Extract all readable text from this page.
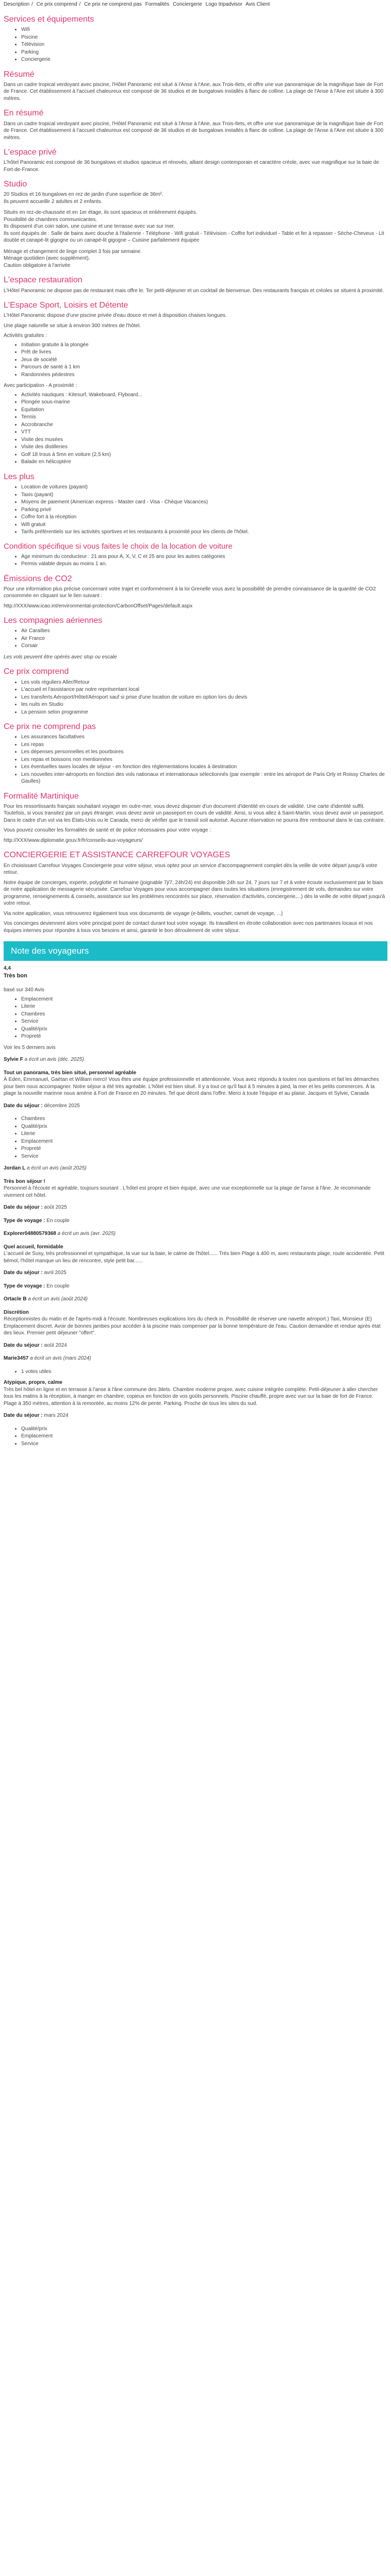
Description / Ce prix comprend / Ce prix ne comprend pas Formalités Conciergerie Logo tripadvisor Avis Client
Services et équipements
• Wifi
• Piscine
• Télévision
• Parking
• Conciergerie
Résumé

Dans un cadre tropical verdoyant avec piscine, l'Hôtel Panoramic est situé à l'Anse à l'Ane, aux Trois-Ilets, et offre une vue panoramique de la magnifique baie de Fort de France. Cet établissement à l'accueil chaleureux est composé de 36 studios et de bungalows installés à flanc de colline. La plage de l'Anse à l'Ane est située à 300 mètres.

En résumé

Dans un cadre tropical verdoyant avec piscine, l'Hôtel Panoramic est situé à l'Anse à l'Ane, aux Trois-Ilets, et offre une vue panoramique de la magnifique baie de Fort de France. Cet établissement à l'accueil chaleureux est composé de 36 studios et de bungalows installés à flanc de colline. La plage de l'Anse à l'Ane est située à 300 mètres.

L'espace privé

L'hôtel Panoramic est composé de 36 bungalows et studios spacieux et rénovés, alliant design contemporain et caractère créole, avec vue magnifique sur la baie de Fort-de-France.

Studio
20 Studios et 16 bungalows en rez de jardin d'une superficie de 36m².
Ils peuvent accueillir 2 adultes et 2 enfants.
Situés en rez-de-chaussée et en 1er étage, ils sont spacieux et entièrement équipés.
Possibilité de chambres communicantes.
Ils disposent d'un coin salon, une cuisine et une terrasse avec vue sur mer.
Ils sont équipés de : Salle de bains avec douche à l'italienne - Téléphone - Wifi gratuit - Télévision - Coffre fort individuel - Table et fer à repasser - Sèche-Cheveux - Lit double et canapé-lit gigogne ou un canapé-lit gigogne – Cuisine parfaitement équipée
Ménage et changement de linge complet 3 fois par semaine.
Ménage quotidien (avec supplément).
Caution obligatoire à l'arrivée
L'espace restauration

L'Hôtel Panoramic ne dispose pas de restaurant mais offre le. Ter petit-déjeuner et un cocktail de bienvenue. Des restaurants français et créoles se situent à proximité.

L'Espace Sport, Loisirs et Détente

L'Hôtel Panoramic dispose d'une piscine privée d'eau douce et met à disposition chaises longues.

Une plage naturelle se situe à environ 300 mètres de l'hôtel.

Activités gratuites :

• Initiation gratuite à la plongée
• Prêt de livres
• Jeux de société
• Parcours de santé à 1 km
• Randonnées pédestres

Avec participation - A proximité :

• Activités nautiques : Kitesurf, Wakeboard, Flyboard...
• Plongée sous-marine
• Equitation
• Tennis
• Accrobranche
• VTT
• Visite des musées
• Visite des distilleries
• Golf 18 trous à 5mn en voiture (2,5 km)
• Balade en hélicoptère
Les plus
• Location de voitures (payant)
• Taxis (payant)
• Moyens de paiement (American express - Master card - Visa - Chèque Vacances)
• Parking privé
• Coffre fort à la réception
• Wifi gratuit
• Tarifs préférentiels sur les activités sportives et les restaurants à proximité pour les clients de l'hôtel.
Condition spécifique si vous faites le choix de la location de voiture
• Age minimum du conducteur : 21 ans pour A, X, V, C et 25 ans pour les autres catégories
• Permis valable depuis au moins 1 an.
Émissions de CO2

Pour une information plus précise concernant votre trajet et conformément à la loi Grenelle vous avez la possibilité de prendre connaissance de la quantité de CO2 consommée en cliquant sur le lien suivant :

http://XXX/www.icao.int/environmental-protection/CarbonOffset/Pages/default.aspx

Les compagnies aériennes
• Air Caraïbes
• Air France
• Corsair

Les vols peuvent être opérés avec stop ou escale

Ce prix comprend
• Les vols réguliers Aller/Retour
• L'accueil et l'assistance par notre représentant local
• Les transferts Aéroport/Hôtel/Aéroport sauf si prise d'une location de voiture en option lors du devis
• les nuits en Studio
• La pension selon programme
Ce prix ne comprend pas
• Les assurances facultatives
• Les repas
• Les dépenses personnelles et les pourboires
• Les repas et boissons non mentionnées
• Les éventuelles taxes locales de séjour - en fonction des réglementations locales à destination
• Les nouvelles inter-aéroports en fonction des vols nationaux et internationaux sélectionnés (par exemple : entre les aéroport de Paris Orly et Roissy Charles de Gaulles)
Formalité Martinique

Pour les ressortissants français souhaitant voyager en outre-mer, vous devez disposer d'un document d'identité en cours de validité. Une carte d'identité suffit. Toutefois, si vous transitez par un pays étranger, vous devez avoir un passeport en cours de validité. Ainsi, si vous allez à Saint-Martin, vous devez avoir un passeport. Dans le cadre d'un vol via les États-Unis ou le Canada, merci de vérifier que le transit soit autorisé. Aucune réservation ne pourra être remboursé dans le cas contraire.

Vous pouvez consulter les formalités de santé et de police nécessaires pour votre voyage :

http://XXX/www.diplomatie.gouv.fr/fr/conseils-aux-voyageurs/

CONCIERGERIE ET ASSISTANCE CARREFOUR VOYAGES

En choisissant Carrefour Voyages Conciergerie pour votre séjour, vous optez pour un service d'accompagnement complet dès la veille de votre départ jusqu'à votre retour.

Notre équipe de concierges, experte, polyglotte et humaine (joignable 7j/7, 24h/24) est disponible 24h sur 24, 7 jours sur 7 et à votre écoute exclusivement par le biais de notre application de messagerie sécurisée. Carrefour Voyages pour vous accompagner dans toutes les situations (enregistrement de vols, demandes sur votre programme, renseignements & conseils, assistance sur les problèmes rencontrés sur place, réservation d'activités, conciergerie,...) dès la veille de votre départ jusqu'à votre retour.

Via notre application, vous retrouverez également tous vos documents de voyage (e-billets, voucher, carnet de voyage, ...)

Vos concierges deviennent alors votre principal point de contact durant tout votre voyage. Ils travaillent en étroite collaboration avec nos partenaires locaux et nos équipes internes pour répondre à tous vos besoins et ainsi, garantir le bon déroulement de votre séjour.

Note des voyageurs

4,4

Très bon

basé sur 340 Avis

• Emplacement
• Literie
• Chambres
• Service
• Qualité/prix
• Propreté

Voir les 5 derniers avis

Sylvie F a écrit un avis (déc. 2025)

Tout un panorama, très bien situé, personnel agréable

À Eden, Emmanuel, Gaëtan et William merci! Vous êtes une équipe professionnelle et attentionnée. Vous avez répondu à toutes nos questions et fait les démarches pour bien nous accompagner. Notre séjour a été très agréable. L'hôtel est bien situé. Il y a tout ce qu'il faut à 5 minutes à pied, la mer et les petits commerces. À la plage la nouvelle marinne nous amène à Fort de France en 20 minutes. Tel que décrit dans l'offre. Merci à toute l'équipe et au plaisir. Jacques et Sylvie, Canada

Date du séjour : décembre 2025

• Chambres
• Qualité/prix
• Literie
• Emplacement
• Propreté
• Service

Jordan L a écrit un avis (août 2025)

Très bon séjour !

Personnel à l'écoute et agréable, toujours souriant . L'hôtel est propre et bien équipé, avec une vue exceptionnelle sur la plage de l'anse à l'âne. Je recommande vivement cet hôtel.

Date du séjour : août 2025

Type de voyage : En couple

Explorer04880579368 a écrit un avis (avr. 2025)

Quel accueil, formidable

L'accueil de Susy, très professionnel et sympathique, la vue sur la baie, le calme de l'hôtel...... Très bien Plage à 400 m, avec restaurants plage, route accidentée. Petit bémol, l'hôtel manque un lieu de rencontre, style petit bar......

Date du séjour : avril 2025

Type de voyage : En couple

Ortacle B a écrit un avis (août 2024)

Discrétion

Réceptionnistes du matin et de l'après-midi à l'écoute. Nombreuses explications lors du check in. Possibilité de réserver une navette aéroport.) Taxi, Monsieur (E) Emplacement discret. Avoir de bonnes jambes pour accéder à la piscine mais compenser par la bonne température de l'eau. Caution demandée et rendue après état des lieux. Premier petit déjeuner "offert".

Date du séjour : août 2024

Marie3457 a écrit un avis (mars 2024)

• 1 votes utiles

Atypique, propre, calme

Très bel hôtel en ligne et en terrasse à l'anse à l'âne commune des 3ilets. Chambre moderne propre, avec cuisine intégrée complète. Petit-déjeuner à aller chercher tous les matins à la réception, à manger en chambre; copieux en fonction de vos goûts personnels. Piscine chauffé, propre avec vue sur la baie de fort de France. Plage à 350 mètres, attention à la remontée, au moins 12% de pente. Parking. Proche de tous les sites du sud.

Date du séjour : mars 2024

• Qualité/prix
• Emplacement
• Service
